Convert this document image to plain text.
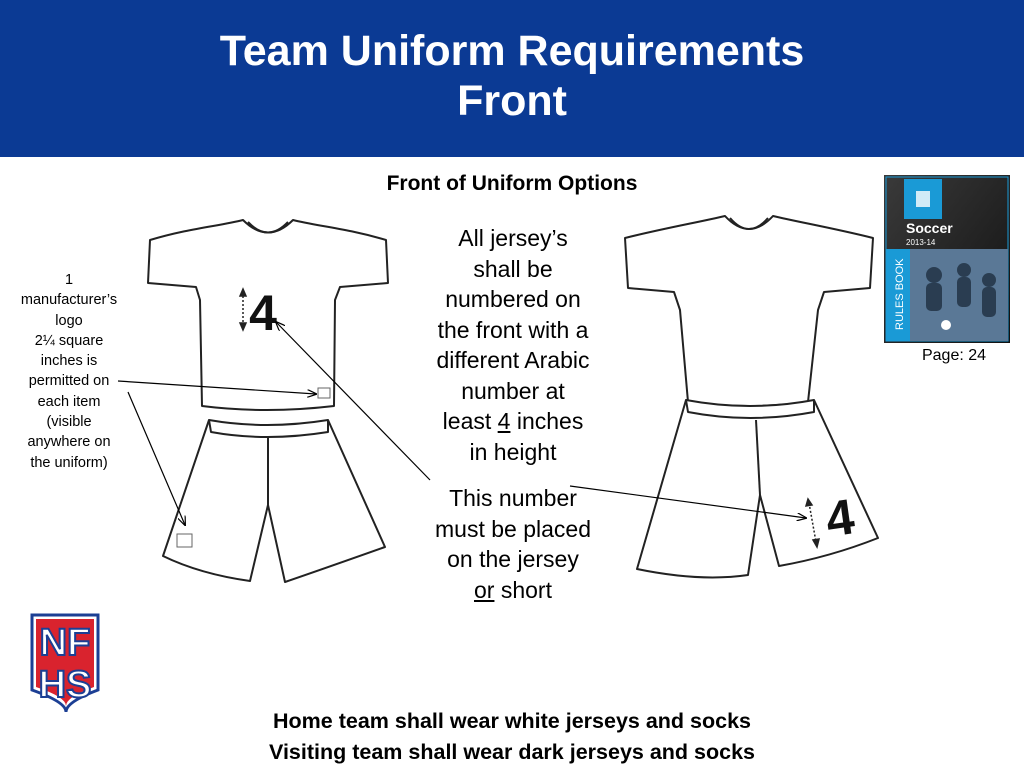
Team Uniform Requirements
Front
Front of Uniform Options
4
4
NF
HS
Soccer
2013-14
RULES BOOK
All jersey’s
shall be
numbered on
the front with a
different Arabic
number at
least 4 inches
in height
This number
must be placed
on the jersey
or short
1
manufacturer’s
logo
2¼ square
inches is
permitted on
each item
(visible
anywhere on
the uniform)
Page: 24
Home team shall wear white jerseys and socks
Visiting team shall wear dark jerseys and socks
